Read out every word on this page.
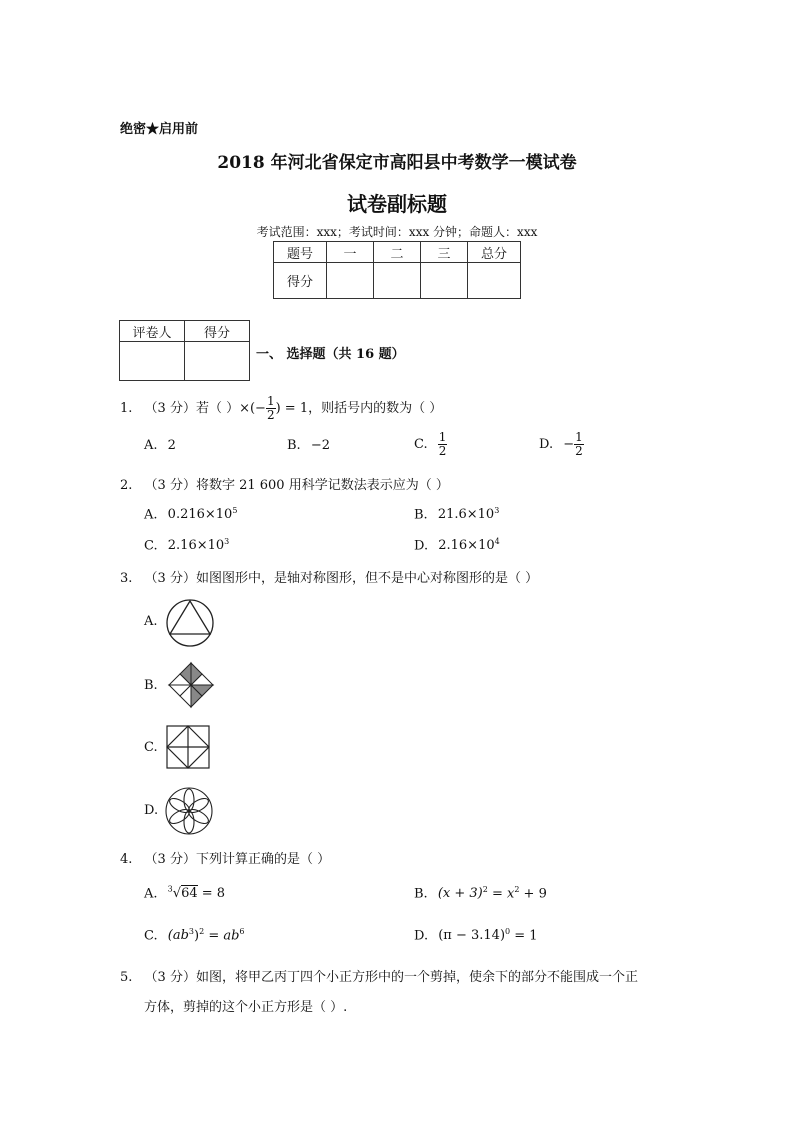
绝密★启用前
2018 年河北省保定市高阳县中考数学一模试卷
试卷副标题
考试范围：xxx；考试时间：xxx 分钟；命题人：xxx
题号	一	二	三	总分
得分				
评卷人	得分

一、 选择题（共 16 题）
1. （3 分）若（ ）×(− $\frac{1}{2}$ ) = 1，则括号内的数为（ ）
A. 2	B. −2	C. $\frac{1}{2}$	D. − $\frac{1}{2}$
2. （3 分）将数字 21 600 用科学记数法表示应为（ ）
A. $0.216\times 10^5$	B. $21.6\times 10^3$
C. $2.16\times 10^3$	D. $2.16\times 10^4$
3. （3 分）如图图形中，是轴对称图形，但不是中心对称图形的是（ ）
A.
B.
C.
D.
4. （3 分）下列计算正确的是（ ）
A. $^3$√64 = 8	B. $(x + 3)^2 = x^2 + 9$
C. $(ab^3)^2 = ab^6$	D. $(\pi - 3.14)^0 = 1$
5. （3 分）如图，将甲乙丙丁四个小正方形中的一个剪掉，使余下的部分不能围成一个正
方体，剪掉的这个小正方形是（ ）.
